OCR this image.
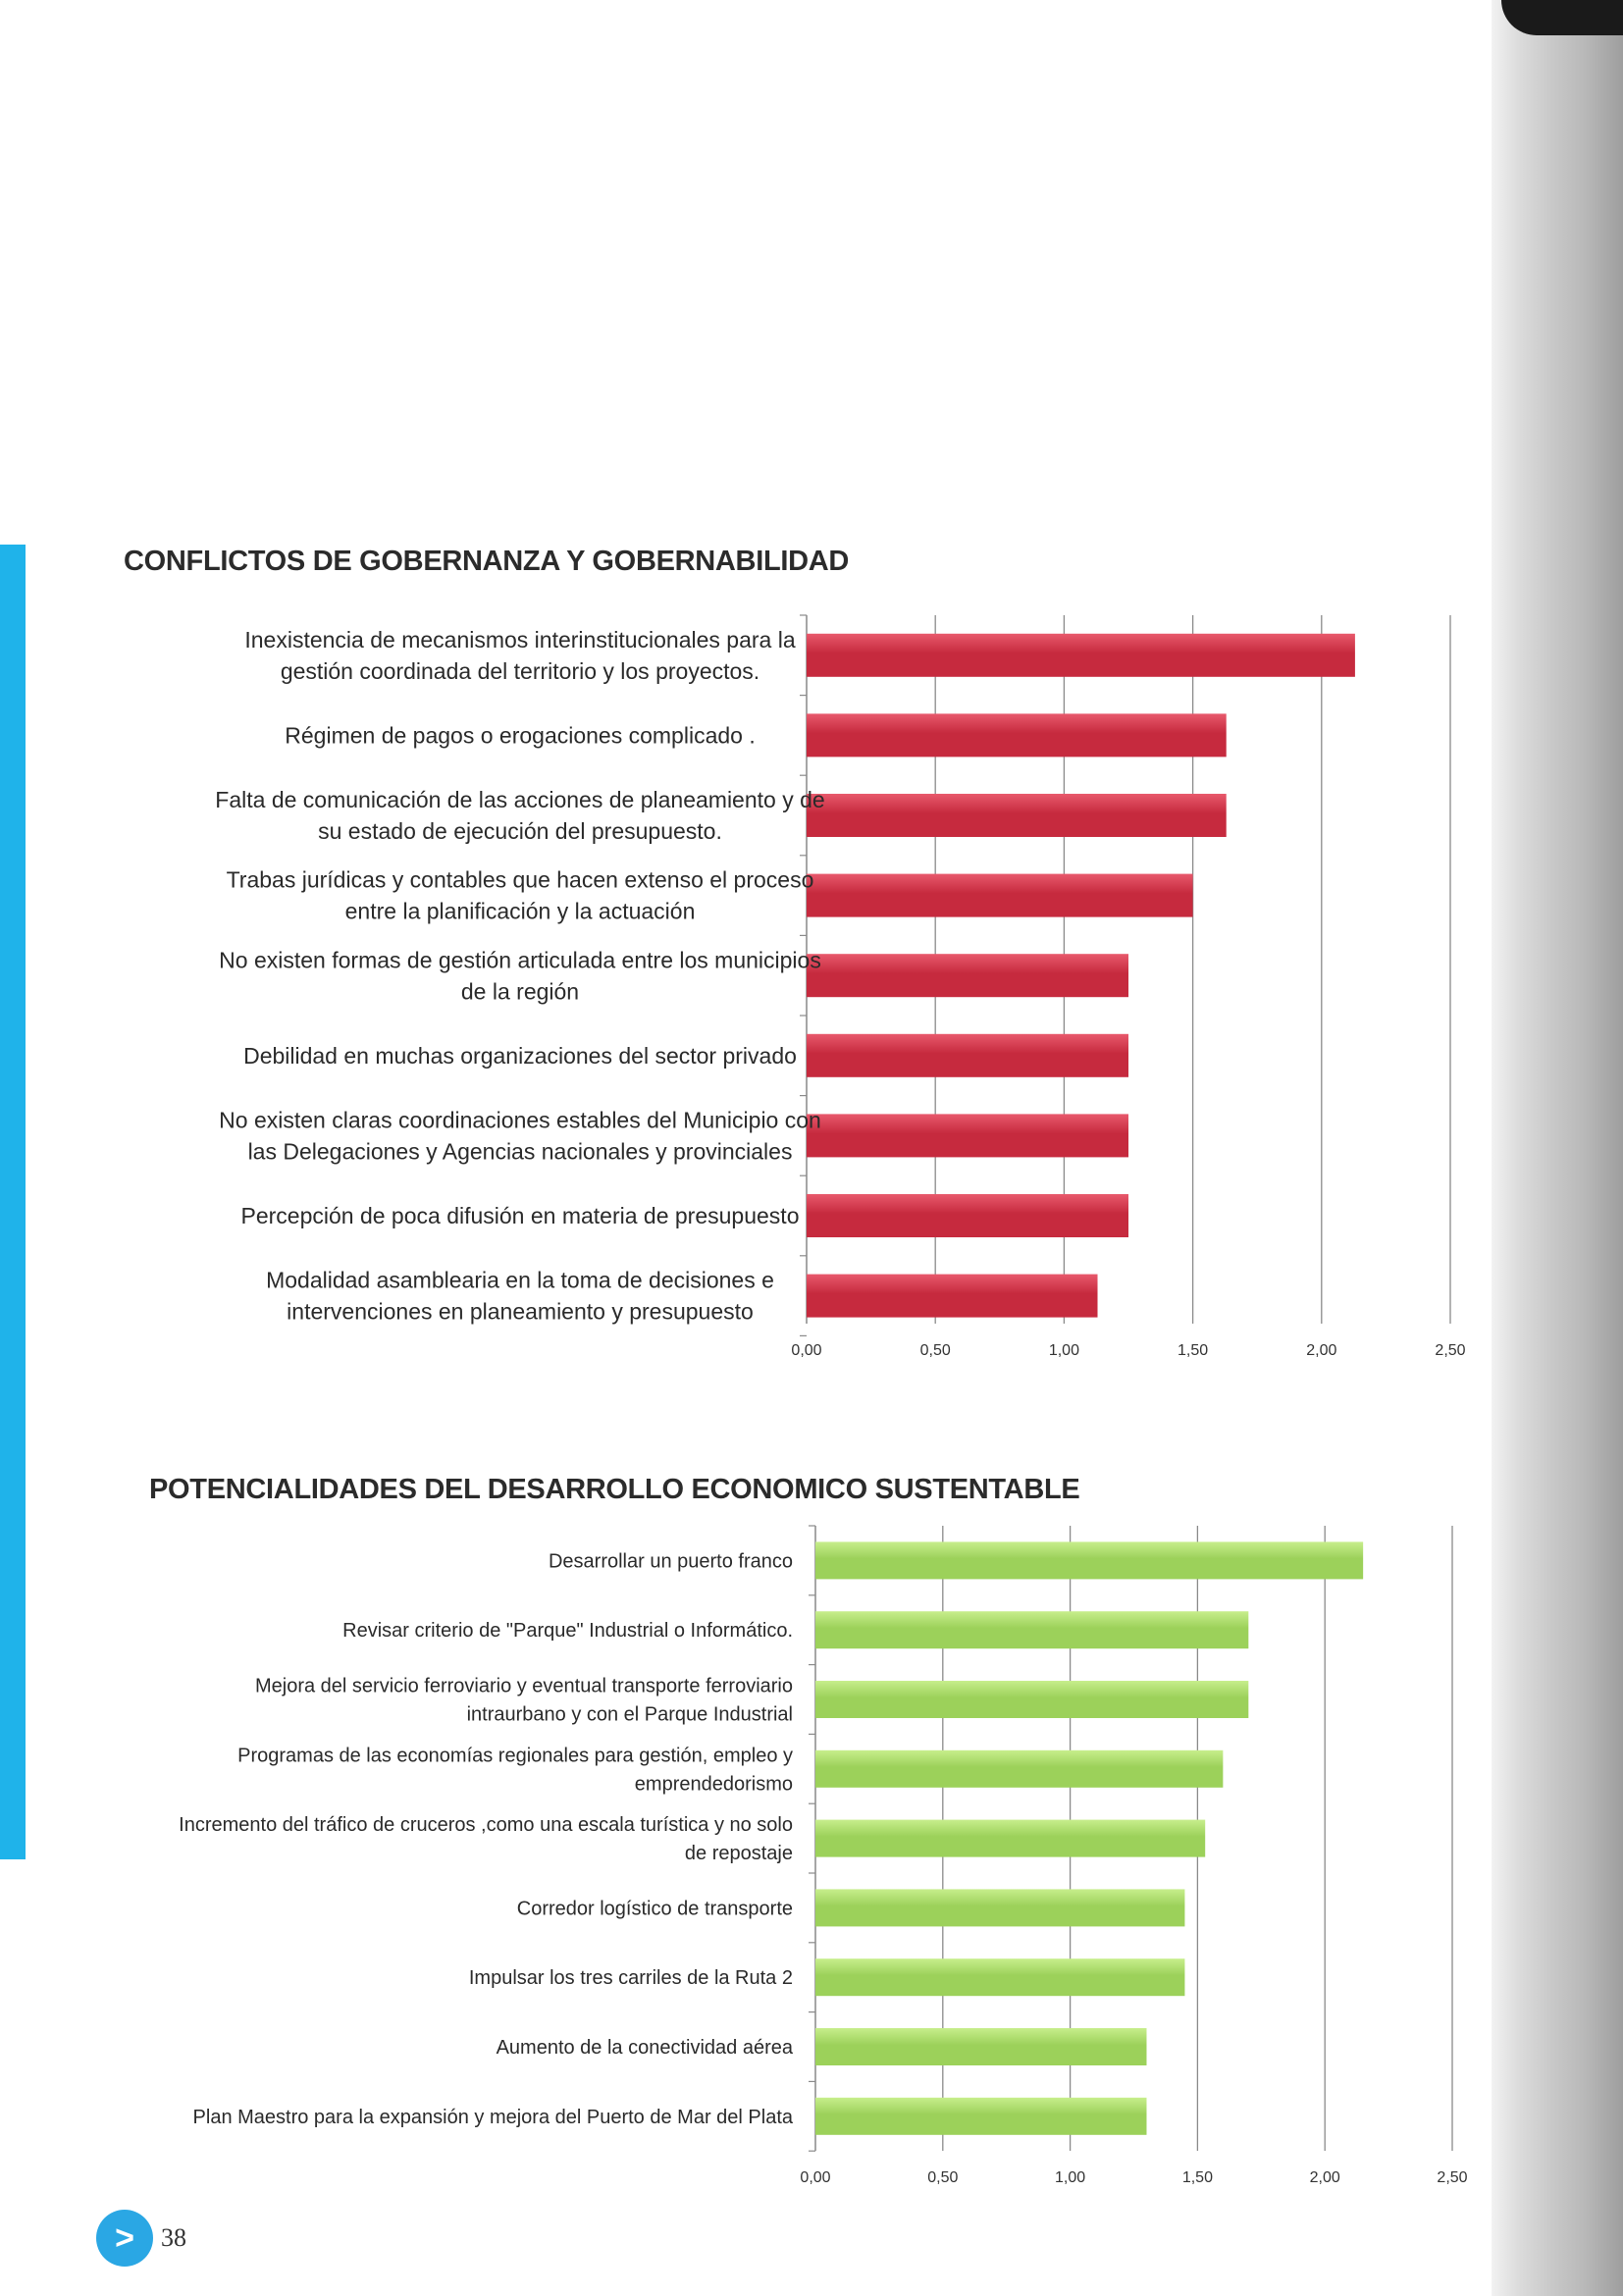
CONFLICTOS DE GOBERNANZA Y GOBERNABILIDAD
0,00	0,50	1,00	1,50	2,00	2,50
Inexistencia de mecanismos interinstitucionales para la gestión coordinada del territorio y los proyectos.
Régimen de pagos o erogaciones complicado .
Falta de comunicación de las acciones de planeamiento y de su estado de ejecución del presupuesto.
Trabas jurídicas y contables que hacen extenso el proceso entre la planificación y la actuación
No existen formas de gestión articulada entre los municipios de la región
Debilidad en muchas organizaciones del sector privado
No existen claras coordinaciones estables del Municipio con las Delegaciones y Agencias nacionales y provinciales
Percepción de poca difusión en materia de presupuesto
Modalidad asamblearia en la toma de decisiones e intervenciones en planeamiento y presupuesto
POTENCIALIDADES DEL DESARROLLO ECONOMICO SUSTENTABLE
0,00	0,50	1,00	1,50	2,00	2,50
Desarrollar un puerto franco
Revisar criterio de "Parque" Industrial o Informático.
Mejora del servicio ferroviario y eventual transporte ferroviario intraurbano y con el Parque Industrial
Programas de las economías regionales para gestión, empleo y emprendedorismo
Incremento del tráfico de cruceros ,como una escala turística y no solo de repostaje
Corredor logístico de transporte
Impulsar los tres carriles de la Ruta 2
Aumento de la conectividad aérea
Plan Maestro para la expansión y mejora del Puerto de Mar del Plata
>	38
